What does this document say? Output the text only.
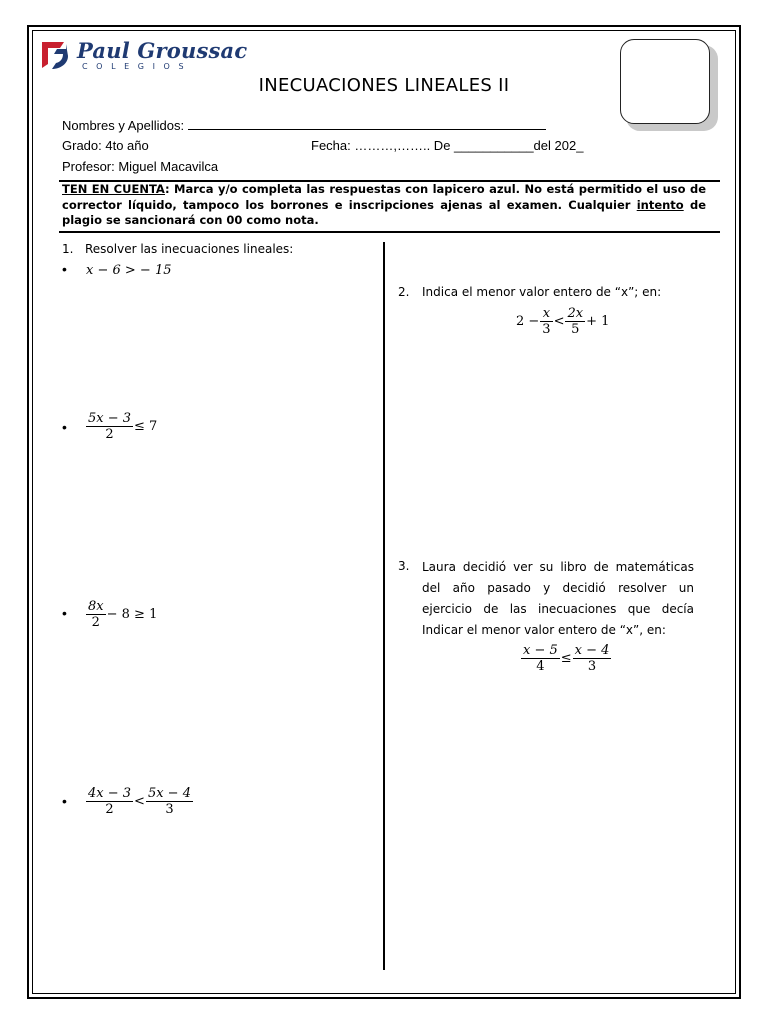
Paul Groussac
COLEGIOS
INECUACIONES LINEALES II
Nombres y Apellidos:
Grado: 4to año	Fecha: ………,…….. De ___________del 202_
Profesor: Miguel Macavilca
TEN EN CUENTA: Marca y/o completa las respuestas con lapicero azul. No está permitido el uso de corrector líquido, tampoco los borrones e inscripciones ajenas al examen. Cualquier intento de plagio se sancionará con 00 como nota.
1. Resolver las inecuaciones lineales:
• x − 6 > − 15
• $\frac{5x - 3}{2} \le 7$
• $\frac{8x}{2} - 8 \ge 1$
• $\frac{4x - 3}{2} < \frac{5x - 4}{3}$
2. Indica el menor valor entero de “x”; en:
$2 - \frac{x}{3} < \frac{2x}{5} + 1$
3. Laura decidió ver su libro de matemáticas del año pasado y decidió resolver un ejercicio de las inecuaciones que decía Indicar el menor valor entero de “x”, en:
$\frac{x - 5}{4} \le \frac{x - 4}{3}$
